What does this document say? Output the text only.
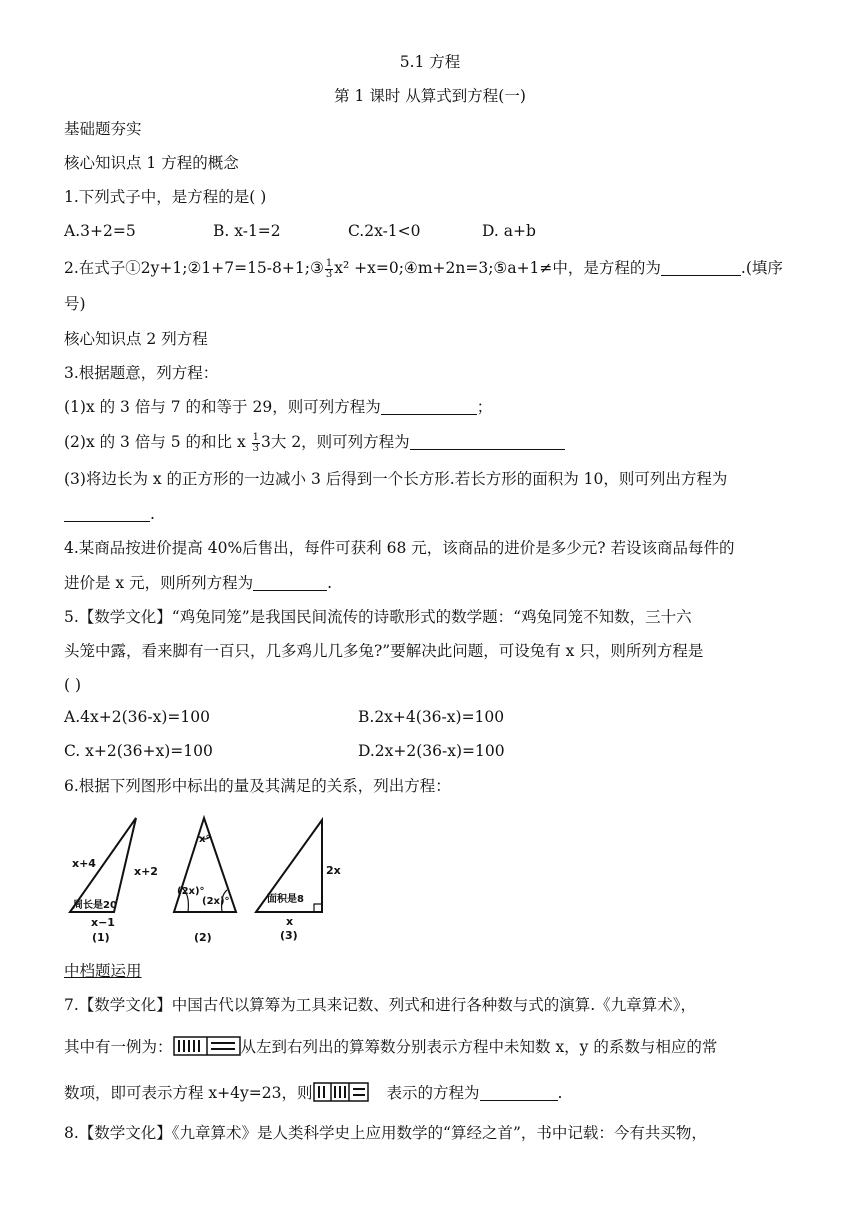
5.1 方程
第 1 课时 从算式到方程(一)
基础题夯实
核心知识点 1 方程的概念
1.下列式子中，是方程的是( )
A.3+2=5	B. x-1=2	C.2x-1<0	D. a+b
2.在式子①2y+1;②1+7=15-8+1;③ $\frac{1}{3} x^2$ +x=0;④m+2n=3;⑤a+1≠中，是方程的为	.(填序
号)
核心知识点 2 列方程
3.根据题意，列方程：
(1)x 的 3 倍与 7 的和等于 29，则可列方程为	；
(2)x 的 3 倍与 5 的和比 x $\frac{1}{3} 3$大 2，则可列方程为
(3)将边长为 x 的正方形的一边减小 3 后得到一个长方形.若长方形的面积为 10，则可列出方程为
.
4.某商品按进价提高 40%后售出，每件可获利 68 元，该商品的进价是多少元? 若设该商品每件的
进价是 x 元，则所列方程为	.
5.【数学文化】“鸡兔同笼”是我国民间流传的诗歌形式的数学题：“鸡兔同笼不知数，三十六
头笼中露，看来脚有一百只，几多鸡儿几多兔?”要解决此问题，可设兔有 x 只，则所列方程是
( )
A.4x+2(36-x)=100	B.2x+4(36-x)=100
C. x+2(36+x)=100	D.2x+2(36-x)=100
6.根据下列图形中标出的量及其满足的关系，列出方程：
x+4
x+2
周长是20
x−1
(1)
x°
(2x)°
(2x)°
(2)
2x
面积是8
x
(3)
中档题运用
7.【数学文化】中国古代以算筹为工具来记数、列式和进行各种数与式的演算.《九章算术》，
其中有一例为：	从左到右列出的算筹数分别表示方程中未知数 x，y 的系数与相应的常
数项，即可表示方程 x+4y=23，则	表示的方程为	.
8.【数学文化】《九章算术》是人类科学史上应用数学的“算经之首”，书中记载：今有共买物，
